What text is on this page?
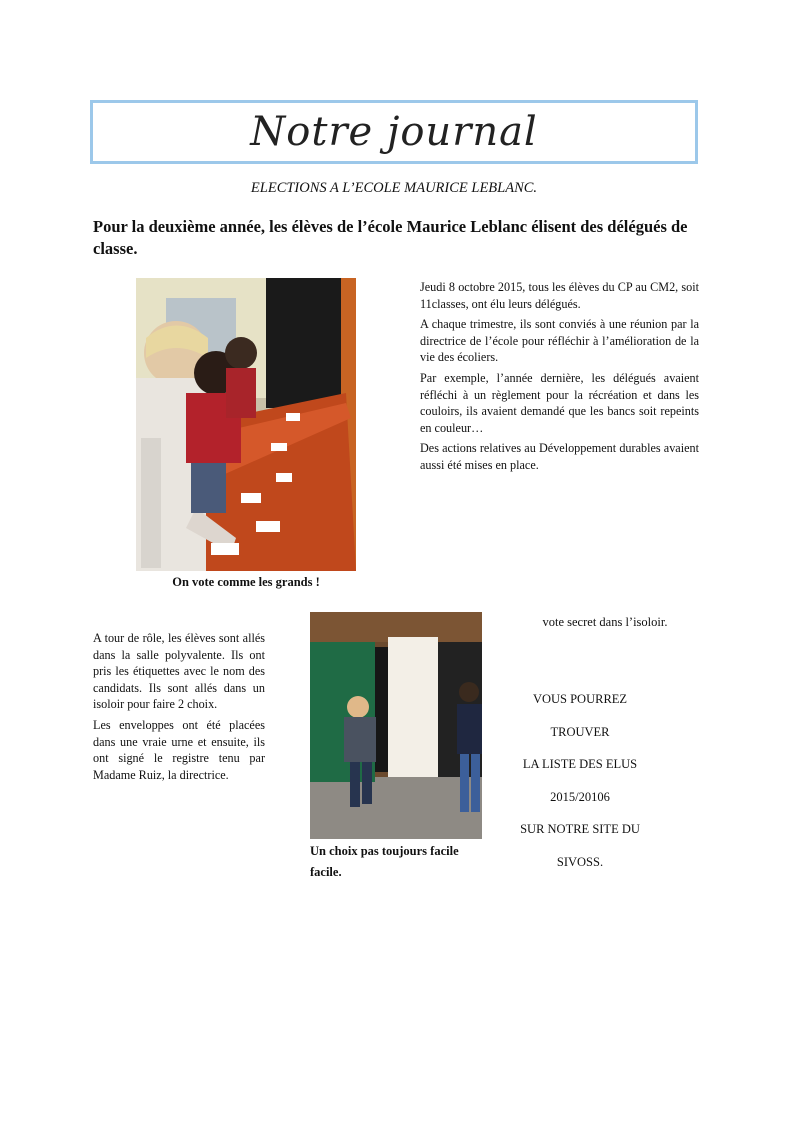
Notre journal
ELECTIONS A L’ECOLE MAURICE LEBLANC.
Pour la deuxième année, les élèves de l’école Maurice Leblanc élisent des délégués de classe.
On vote comme les grands !

Jeudi 8 octobre 2015, tous les élèves du CP au CM2, soit 11classes, ont élu leurs délégués.

A chaque trimestre, ils sont conviés à une réunion par la directrice de l’école pour réfléchir à l’amélioration de la vie des écoliers.

Par exemple, l’année dernière, les délégués avaient réfléchi à un règlement pour la récréation et dans les couloirs, ils avaient demandé que les bancs soit repeints en couleur…

Des actions relatives au Développement durables avaient aussi été mises en place.

A tour de rôle, les élèves sont allés dans la salle polyvalente. Ils ont pris les étiquettes avec le nom des candidats. Ils sont allés dans un isoloir pour faire 2 choix.

Les enveloppes ont été placées dans une vraie urne et ensuite, ils ont signé le registre tenu par Madame Ruiz, la directrice.

Un choix pas toujours facile
facile.
vote secret dans l’isoloir.
VOUS POURREZ
TROUVER
LA LISTE DES ELUS
2015/20106
SUR NOTRE SITE DU
SIVOSS.
